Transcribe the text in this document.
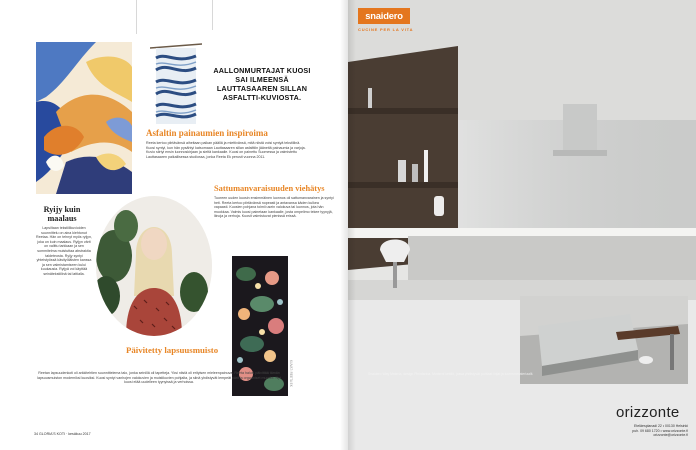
AALLONMURTAJAT KUOSI SAI ILMEENSÄ LAUTTASAAREN SILLAN ASFALTTI-KUVIOSTA.
Asfaltin painaumien inspiroima
Reeta kertoo piirtävänsä aiheitaan paikan päällä ja miettivänsä, mitä niistä voisi syntyä tekstiilinä. Kuosi syntyi, kun hän pysähtyi katsomaan Lauttasaaren sillan asfalttiin jääneitä painaumia ja varjoja. Kuvio siirtyi ensin luonnoskirjaan ja sieltä kankaalle. Kuosi on painettu Suomessa ja valmistettu Lauttasaaren paikallisessa studiossa, jonka Reeta Ek perusti vuonna 2011.
Ryijy kuin maalaus
Lapsiltaan tekstiilikuvioiden suunnittelu on aina kiehtonut Reetaa. Hän on tehnyt myös ryijyn, joka on kuin maalaus. Ryijyn värit on valittu tarkkaan ja sen sommitelma muistuttaa abstraktia taideteosta. Ryijy syntyi yhteistyössä käsityöläisten kanssa ja sen valmistamiseen kului kuukausia. Ryijyä voi käyttää seinätekstiilinä tai lattialla.
KUVAT: REETA EK
Sattumanvaraisuuden viehätys
Tuoreen uuden kuosin ensimmäinen luonnos oli sattumanvarainen ja syntyi heti. Reeta kertoo piirtävänsä nopeasti ja antavansa käden kulkea vapaasti. Kuosien pohjana toimii usein valokuva tai luonnos, jota hän muokkaa. Valmis kuosi painetaan kankaalle, josta ompelimo tekee tyynyjä, liinoja ja verhoja. Kuosit valmistuvat pienissä erissä.
Päivitetty lapsuusmuisto
Reetan lapsuudenkoti oli arkkitehtien suunnittelema talo, jonka seinillä oli tapetteja. Yksi niistä oli erityisen mieleenpainuva. Reeta halusi päivittää tämän lapsuusmuiston moderniksi kuosiksi. Kuosi syntyi vanhojen valokuvien ja muistikuvien pohjalta, ja siinä yhdistyvät lempeät värit ja orgaaniset muodot. Nyt kuosi elää uudelleen tyynyissä ja verhoissa.
34 GLORIA'S KOTI · kesäkuu 2017
snaidero
CUCINE PER LA VITA
Snaidero Way Materia, design Pininfarina. Moderni keittiö, jossa yhdistyvät puhtaat linjat ja luonnonmateriaalit.
orizzonte
Eteläesplanadi 22 • 00130 Helsinki
puh. 09 680 1720 • www.orizzonte.fi
orizzonte@orizzonte.fi
